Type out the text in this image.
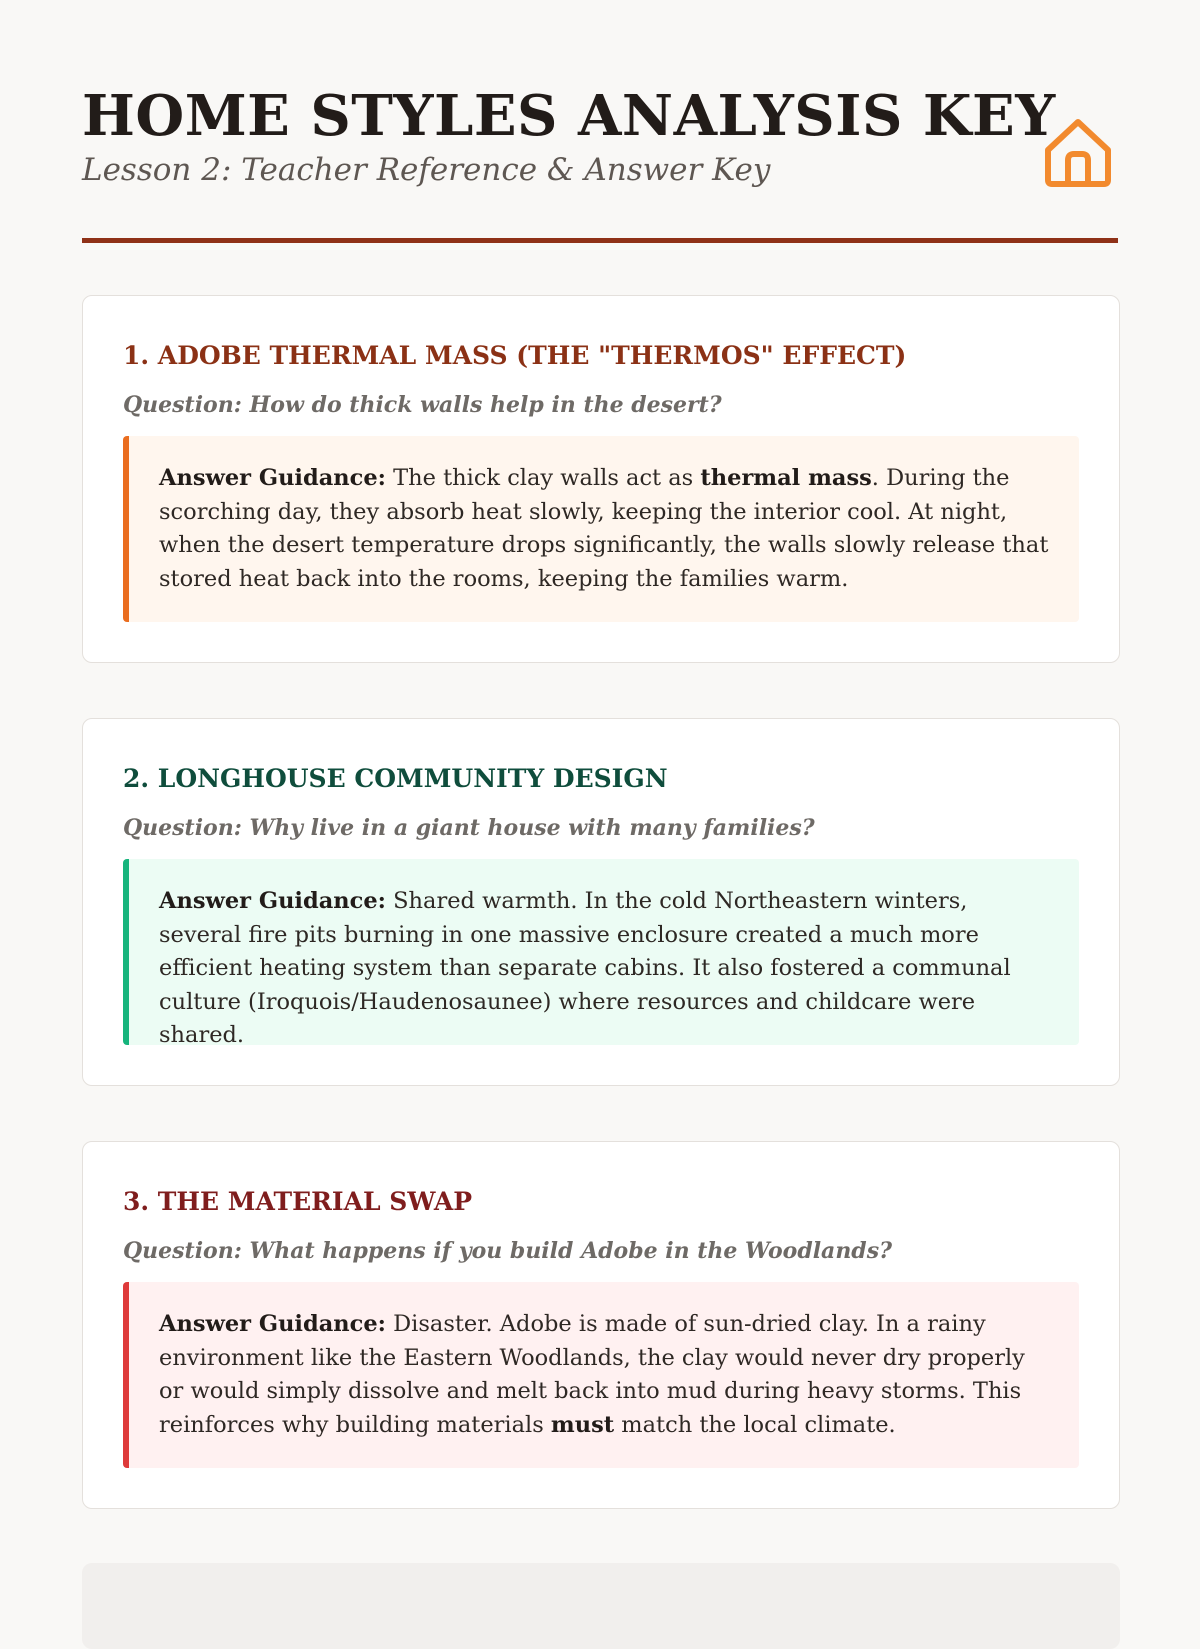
HOME STYLES ANALYSIS KEY
Lesson 2: Teacher Reference & Answer Key
1. ADOBE THERMAL MASS (THE "THERMOS" EFFECT)
Question: How do thick walls help in the desert?
Answer Guidance: The thick clay walls act as thermal mass. During the scorching day, they absorb heat slowly, keeping the interior cool. At night, when the desert temperature drops significantly, the walls slowly release that stored heat back into the rooms, keeping the families warm.
2. LONGHOUSE COMMUNITY DESIGN
Question: Why live in a giant house with many families?
Answer Guidance: Shared warmth. In the cold Northeastern winters, several fire pits burning in one massive enclosure created a much more efficient heating system than separate cabins. It also fostered a communal culture (Iroquois/Haudenosaunee) where resources and childcare were shared.
3. THE MATERIAL SWAP
Question: What happens if you build Adobe in the Woodlands?
Answer Guidance: Disaster. Adobe is made of sun-dried clay. In a rainy environment like the Eastern Woodlands, the clay would never dry properly or would simply dissolve and melt back into mud during heavy storms. This reinforces why building materials must match the local climate.
